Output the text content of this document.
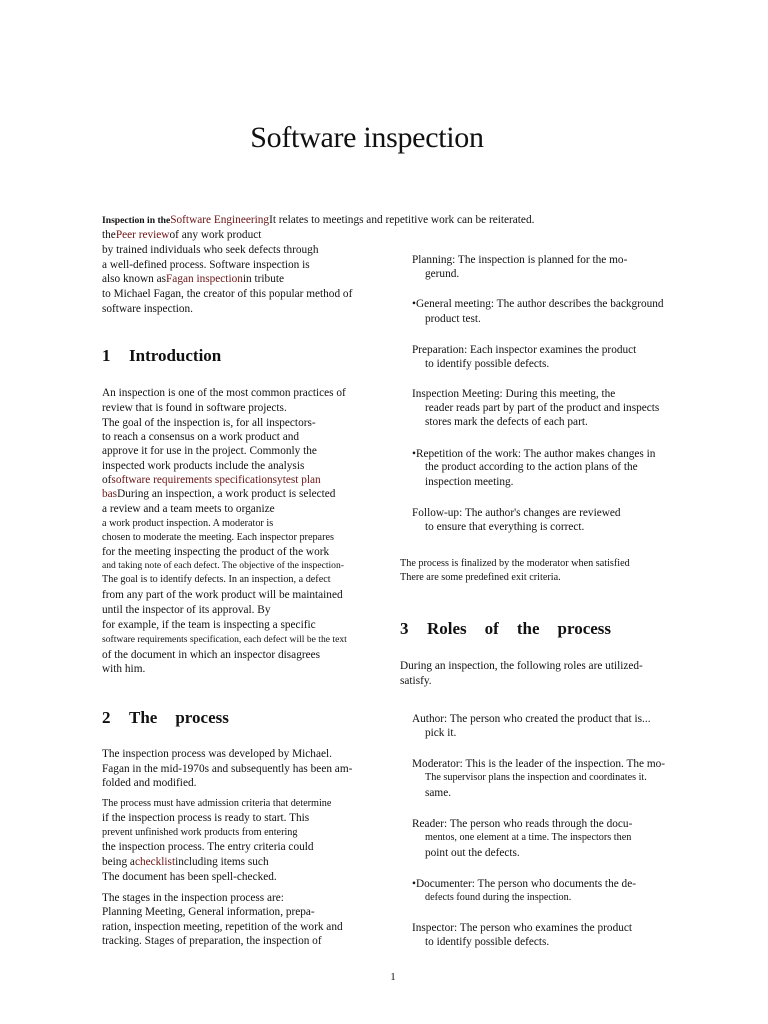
Software inspection
Inspection in theSoftware EngineeringIt relates to meetings and repetitive work can be reiterated.
thePeer reviewof any work product
by trained individuals who seek defects through
a well-defined process. Software inspection is
also known asFagan inspectionin tribute
to Michael Fagan, the creator of this popular method of
software inspection.
1 Introduction
An inspection is one of the most common practices of
review that is found in software projects.
The goal of the inspection is, for all inspectors-
to reach a consensus on a work product and
approve it for use in the project. Commonly the
inspected work products include the analysis
ofsoftware requirements specificationsytest plan
basDuring an inspection, a work product is selected
a review and a team meets to organize
a work product inspection. A moderator is
chosen to moderate the meeting. Each inspector prepares
for the meeting inspecting the product of the work
and taking note of each defect. The objective of the inspection-
The goal is to identify defects. In an inspection, a defect
from any part of the work product will be maintained
until the inspector of its approval. By
for example, if the team is inspecting a specific
software requirements specification, each defect will be the text
of the document in which an inspector disagrees
with him.
2 The process
The inspection process was developed by Michael.
Fagan in the mid-1970s and subsequently has been am-
folded and modified.
The process must have admission criteria that determine
if the inspection process is ready to start. This
prevent unfinished work products from entering
the inspection process. The entry criteria could
being achecklistincluding items such
The document has been spell-checked.
The stages in the inspection process are:
Planning Meeting, General information, prepa-
ration, inspection meeting, repetition of the work and
tracking. Stages of preparation, the inspection of
Planning: The inspection is planned for the mo-
gerund.
•General meeting: The author describes the background
product test.
Preparation: Each inspector examines the product
to identify possible defects.
Inspection Meeting: During this meeting, the
reader reads part by part of the product and inspects
stores mark the defects of each part.
•Repetition of the work: The author makes changes in
the product according to the action plans of the
inspection meeting.
Follow-up: The author's changes are reviewed
to ensure that everything is correct.
The process is finalized by the moderator when satisfied
There are some predefined exit criteria.
3 Roles of the process
During an inspection, the following roles are utilized-
satisfy.
Author: The person who created the product that is...
pick it.
Moderator: This is the leader of the inspection. The mo-
The supervisor plans the inspection and coordinates it.
same.
Reader: The person who reads through the docu-
mentos, one element at a time. The inspectors then
point out the defects.
•Documenter: The person who documents the de-
defects found during the inspection.
Inspector: The person who examines the product
to identify possible defects.
1
